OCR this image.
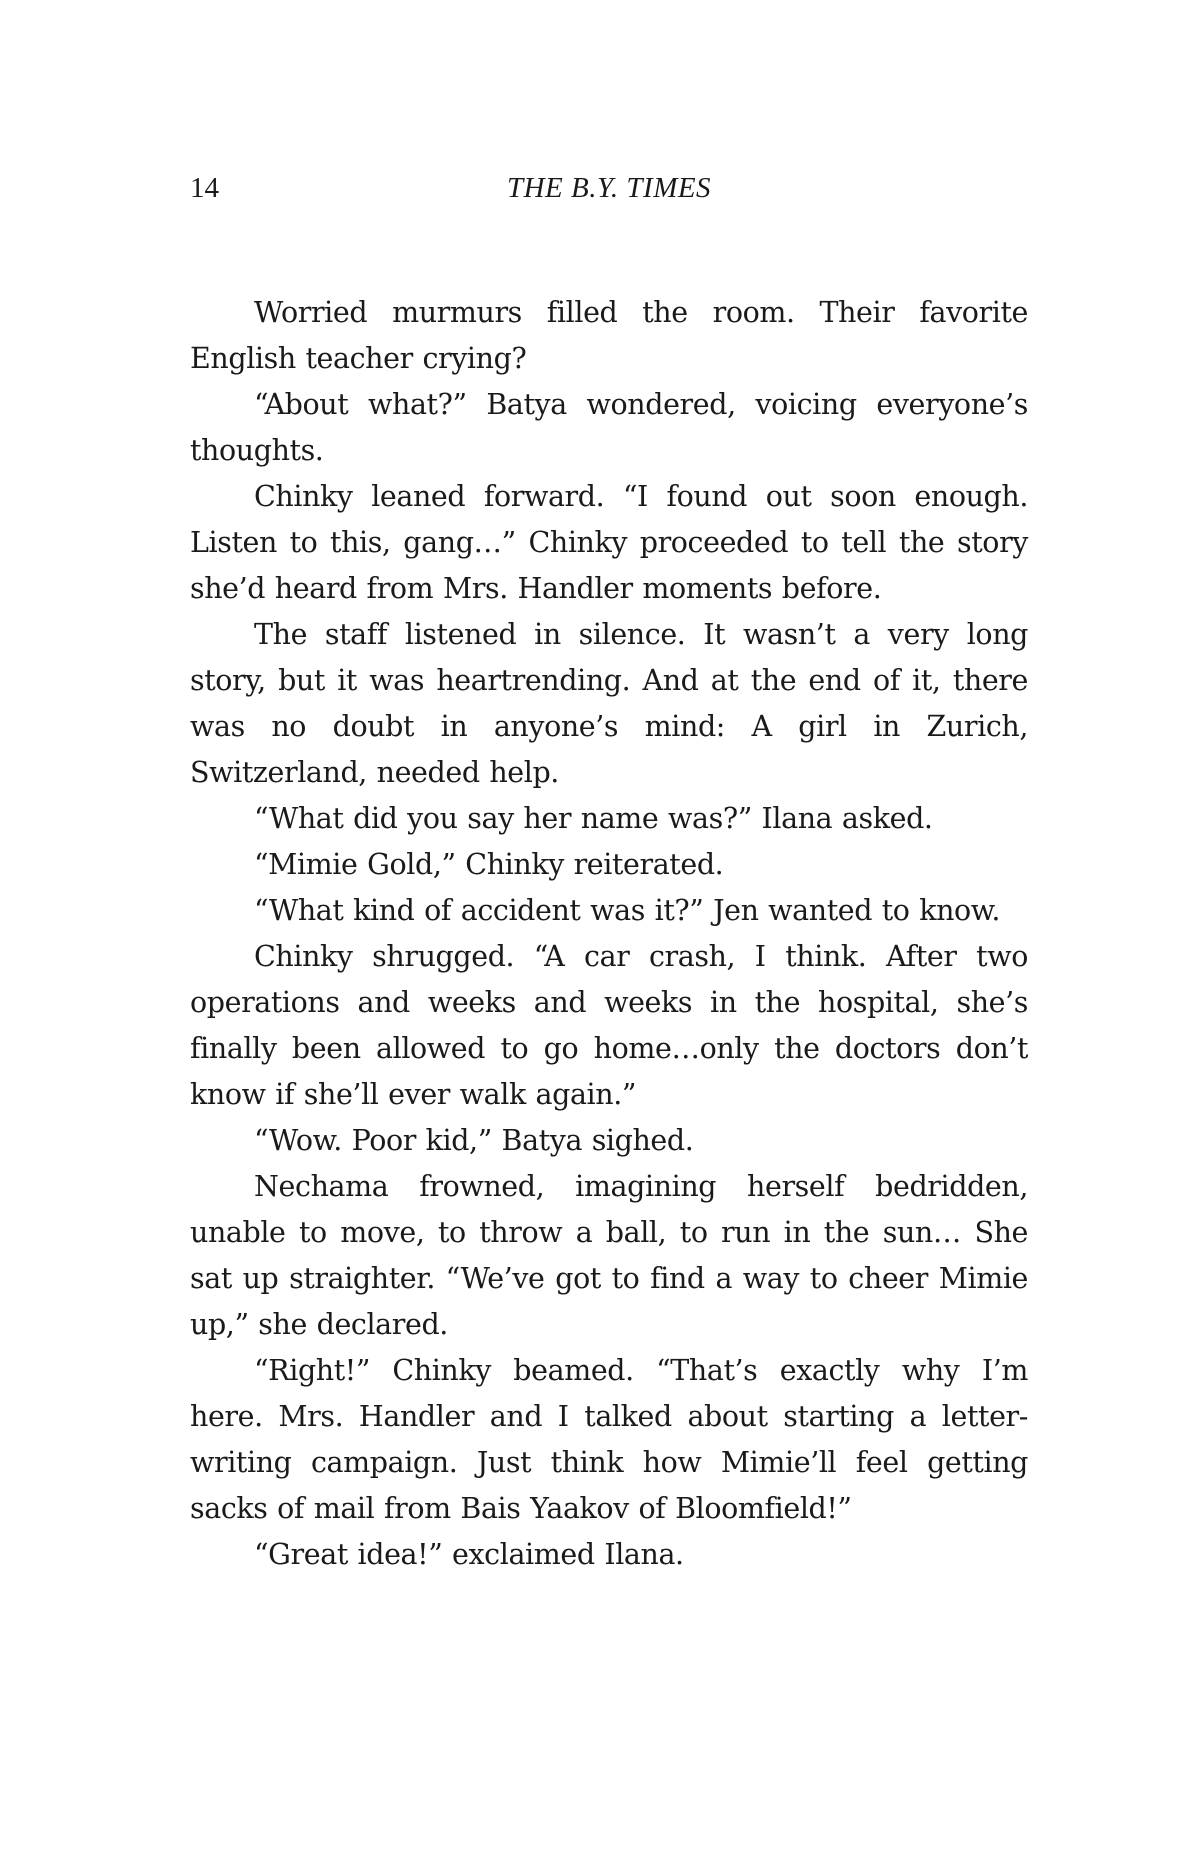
14	THE B.Y. TIMES

Worried murmurs filled the room. Their favorite English teacher crying?

“About what?” Batya wondered, voicing everyone’s thoughts.

Chinky leaned forward. “I found out soon enough. Listen to this, gang…” Chinky proceeded to tell the story she’d heard from Mrs. Handler moments before.

The staff listened in silence. It wasn’t a very long story, but it was heartrending. And at the end of it, there was no doubt in anyone’s mind: A girl in Zurich, Switzerland, needed help.

“What did you say her name was?” Ilana asked.

“Mimie Gold,” Chinky reiterated.

“What kind of accident was it?” Jen wanted to know.

Chinky shrugged. “A car crash, I think. After two operations and weeks and weeks in the hospital, she’s finally been allowed to go home…only the doctors don’t know if she’ll ever walk again.”

“Wow. Poor kid,” Batya sighed.

Nechama frowned, imagining herself bedridden, unable to move, to throw a ball, to run in the sun… She sat up straighter. “We’ve got to find a way to cheer Mimie up,” she declared.

“Right!” Chinky beamed. “That’s exactly why I’m here. Mrs. Handler and I talked about starting a letter-writing campaign. Just think how Mimie’ll feel getting sacks of mail from Bais Yaakov of Bloomfield!”

“Great idea!” exclaimed Ilana.
